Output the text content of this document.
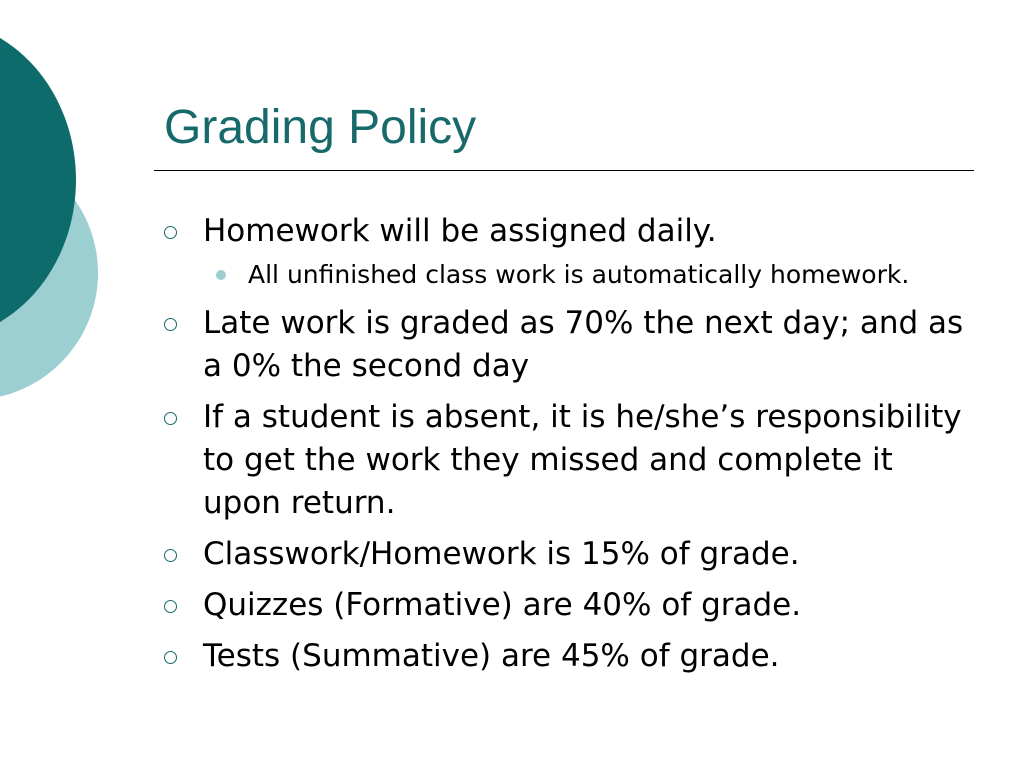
Grading Policy
Homework will be assigned daily.
All unfinished class work is automatically homework.
Late work is graded as 70% the next day; and as a 0% the second day
If a student is absent, it is he/she’s responsibility to get the work they missed and complete it upon return.
Classwork/Homework is 15% of grade.
Quizzes (Formative) are 40% of grade.
Tests (Summative) are 45% of grade.
